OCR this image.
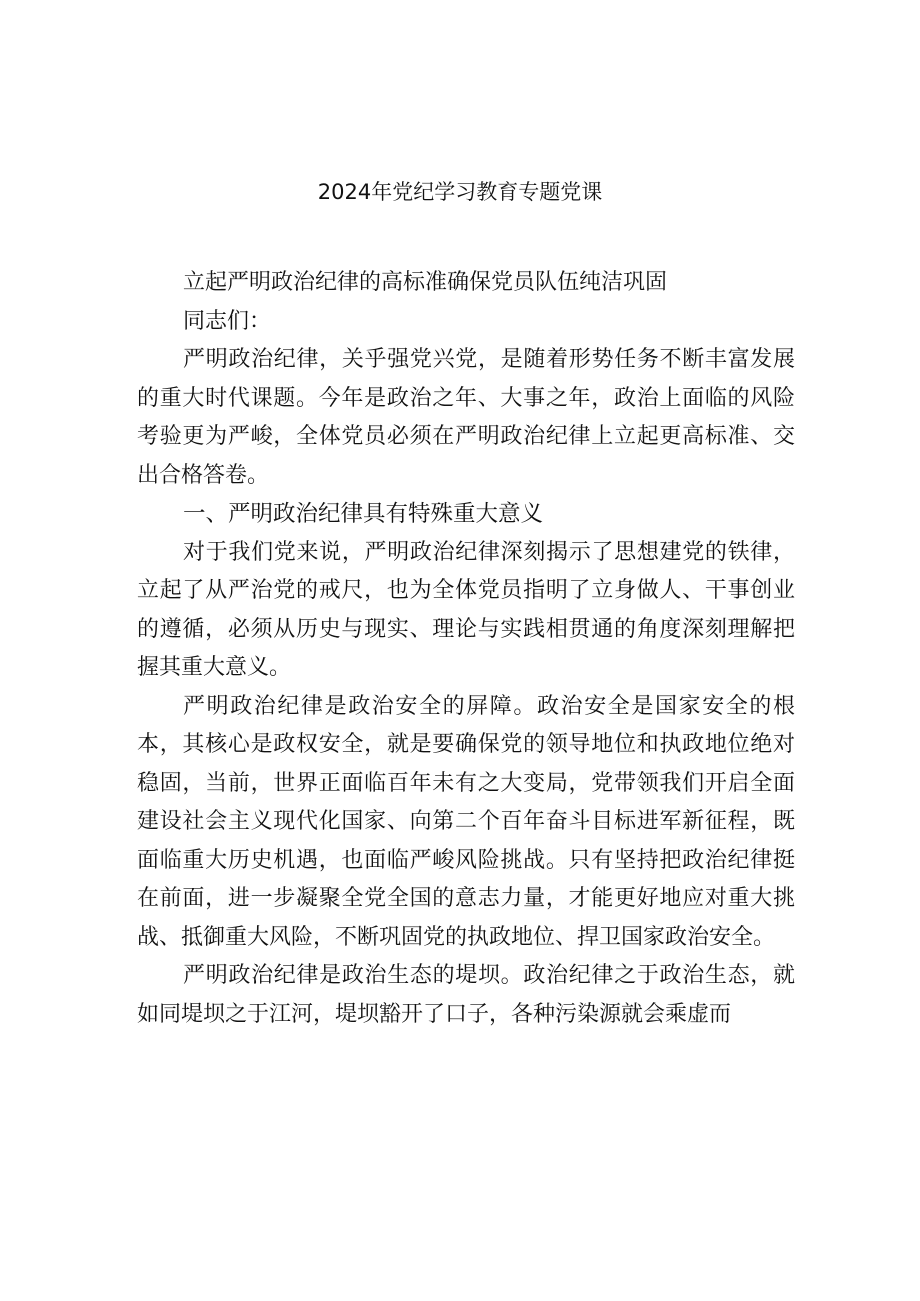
2024年党纪学习教育专题党课

立起严明政治纪律的高标准确保党员队伍纯洁巩固

同志们：

严明政治纪律，关乎强党兴党，是随着形势任务不断丰富发展的重大时代课题。今年是政治之年、大事之年，政治上面临的风险考验更为严峻，全体党员必须在严明政治纪律上立起更高标准、交出合格答卷。

一、严明政治纪律具有特殊重大意义

对于我们党来说，严明政治纪律深刻揭示了思想建党的铁律，立起了从严治党的戒尺，也为全体党员指明了立身做人、干事创业的遵循，必须从历史与现实、理论与实践相贯通的角度深刻理解把握其重大意义。

严明政治纪律是政治安全的屏障。政治安全是国家安全的根本，其核心是政权安全，就是要确保党的领导地位和执政地位绝对稳固，当前，世界正面临百年未有之大变局，党带领我们开启全面建设社会主义现代化国家、向第二个百年奋斗目标进军新征程，既面临重大历史机遇，也面临严峻风险挑战。只有坚持把政治纪律挺在前面，进一步凝聚全党全国的意志力量，才能更好地应对重大挑战、抵御重大风险，不断巩固党的执政地位、捍卫国家政治安全。

严明政治纪律是政治生态的堤坝。政治纪律之于政治生态，就如同堤坝之于江河，堤坝豁开了口子，各种污染源就会乘虚而
